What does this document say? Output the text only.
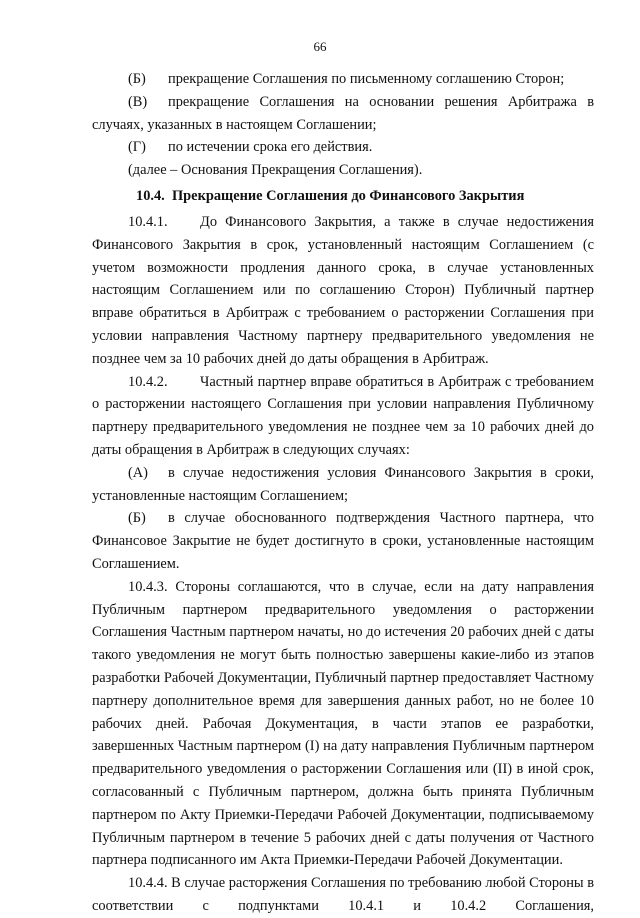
66

(Б) прекращение Соглашения по письменному соглашению Сторон;

(В) прекращение Соглашения на основании решения Арбитража в случаях, указанных в настоящем Соглашении;

(Г) по истечении срока его действия.

(далее – Основания Прекращения Соглашения).

10.4. Прекращение Соглашения до Финансового Закрытия

10.4.1. До Финансового Закрытия, а также в случае недостижения Финансового Закрытия в срок, установленный настоящим Соглашением (с учетом возможности продления данного срока, в случае установленных настоящим Соглашением или по соглашению Сторон) Публичный партнер вправе обратиться в Арбитраж с требованием о расторжении Соглашения при условии направления Частному партнеру предварительного уведомления не позднее чем за 10 рабочих дней до даты обращения в Арбитраж.

10.4.2. Частный партнер вправе обратиться в Арбитраж с требованием о расторжении настоящего Соглашения при условии направления Публичному партнеру предварительного уведомления не позднее чем за 10 рабочих дней до даты обращения в Арбитраж в следующих случаях:

(А) в случае недостижения условия Финансового Закрытия в сроки, установленные настоящим Соглашением;

(Б) в случае обоснованного подтверждения Частного партнера, что Финансовое Закрытие не будет достигнуто в сроки, установленные настоящим Соглашением.

10.4.3. Стороны соглашаются, что в случае, если на дату направления Публичным партнером предварительного уведомления о расторжении Соглашения Частным партнером начаты, но до истечения 20 рабочих дней с даты такого уведомления не могут быть полностью завершены какие-либо из этапов разработки Рабочей Документации, Публичный партнер предоставляет Частному партнеру дополнительное время для завершения данных работ, но не более 10 рабочих дней. Рабочая Документация, в части этапов ее разработки, завершенных Частным партнером (I) на дату направления Публичным партнером предварительного уведомления о расторжении Соглашения или (II) в иной срок, согласованный с Публичным партнером, должна быть принята Публичным партнером по Акту Приемки-Передачи Рабочей Документации, подписываемому Публичным партнером в течение 5 рабочих дней с даты получения от Частного партнера подписанного им Акта Приемки-Передачи Рабочей Документации.

10.4.4. В случае расторжения Соглашения по требованию любой Стороны в соответствии с подпунктами 10.4.1 и 10.4.2 Соглашения,
